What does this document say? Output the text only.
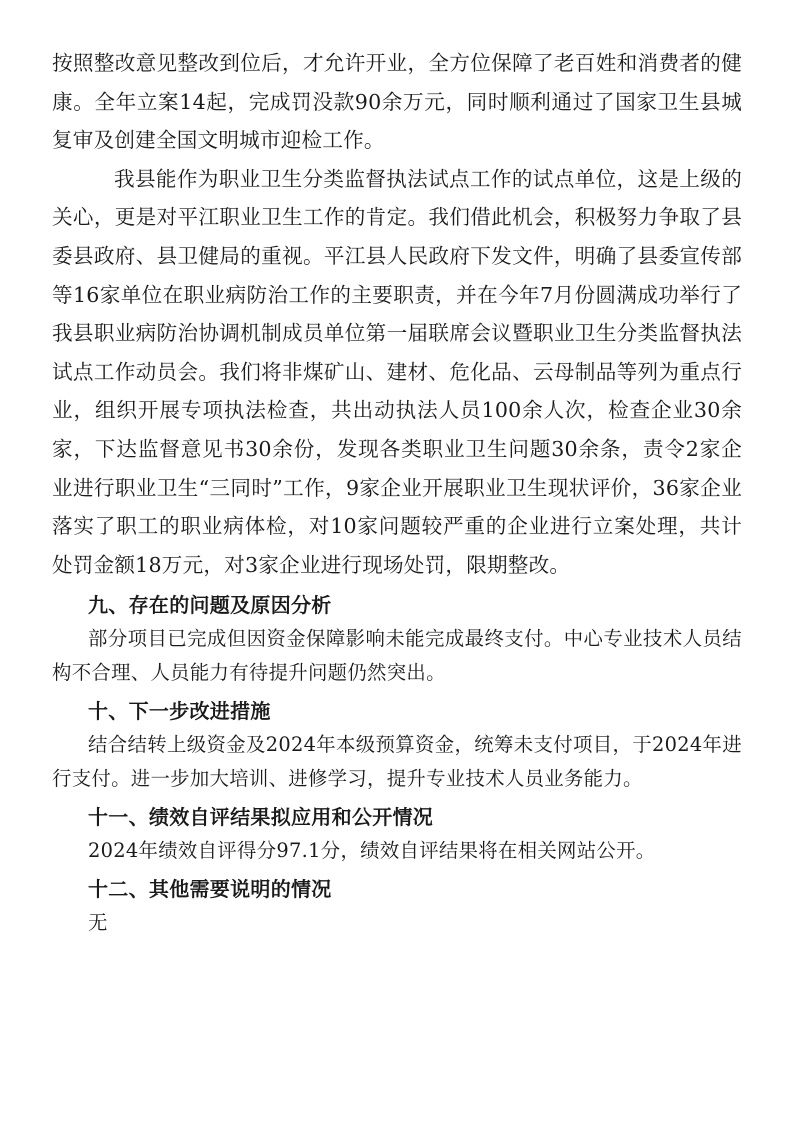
按照整改意见整改到位后，才允许开业，全方位保障了老百姓和消费者的健康。全年立案14起，完成罚没款90余万元，同时顺利通过了国家卫生县城复审及创建全国文明城市迎检工作。

我县能作为职业卫生分类监督执法试点工作的试点单位，这是上级的关心，更是对平江职业卫生工作的肯定。我们借此机会，积极努力争取了县委县政府、县卫健局的重视。平江县人民政府下发文件，明确了县委宣传部等16家单位在职业病防治工作的主要职责，并在今年7月份圆满成功举行了我县职业病防治协调机制成员单位第一届联席会议暨职业卫生分类监督执法试点工作动员会。我们将非煤矿山、建材、危化品、云母制品等列为重点行业，组织开展专项执法检查，共出动执法人员100余人次，检查企业30余家，下达监督意见书30余份，发现各类职业卫生问题30余条，责令2家企业进行职业卫生“三同时”工作，9家企业开展职业卫生现状评价，36家企业落实了职工的职业病体检，对10家问题较严重的企业进行立案处理，共计处罚金额18万元，对3家企业进行现场处罚，限期整改。

九、存在的问题及原因分析

部分项目已完成但因资金保障影响未能完成最终支付。中心专业技术人员结构不合理、人员能力有待提升问题仍然突出。

十、下一步改进措施

结合结转上级资金及2024年本级预算资金，统筹未支付项目，于2024年进行支付。进一步加大培训、进修学习，提升专业技术人员业务能力。

十一、绩效自评结果拟应用和公开情况

2024年绩效自评得分97.1分，绩效自评结果将在相关网站公开。

十二、其他需要说明的情况

无
